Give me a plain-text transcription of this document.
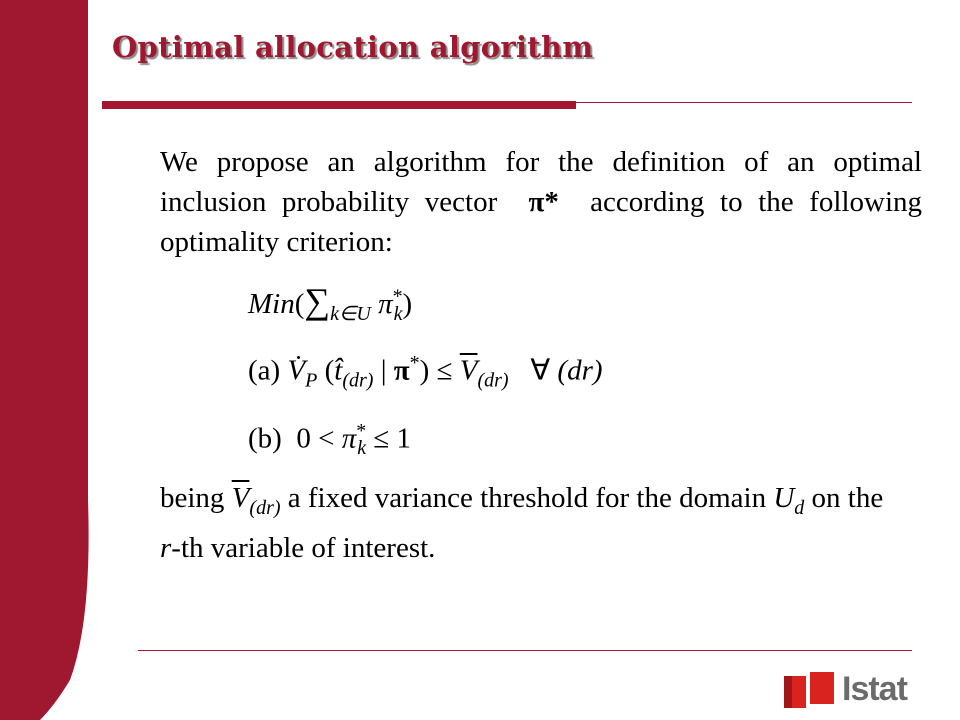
Optimal allocation algorithm

We propose an algorithm for the definition of an optimal inclusion probability vector π* according to the following optimality criterion:

$Min(\sum_{k\in U}$ $\pi^*_k$)
(a) $V̇_P$ ($t̂_{(dr)}$ | $\pi^*) \le \overline{V}_{(dr)}$ ∀ (dr)
(b) $0 < \pi^*_k \le 1$
being $\overline{V}_{(dr)}$ a fixed variance threshold for the domain $U_d$ on the
r-th variable of interest.
Istat
